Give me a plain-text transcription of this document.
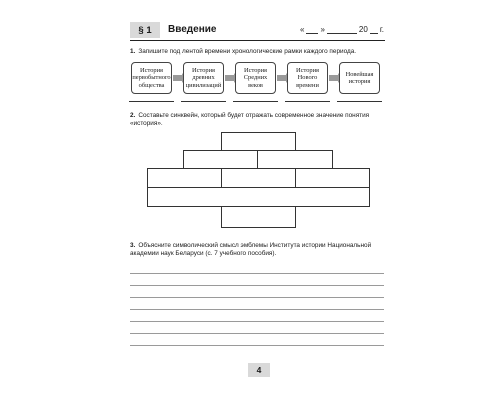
§ 1	Введение	« »	20 г.
1. Запишите под лентой времени хронологические рамки каждого периода.
История первобытного общества
История древних цивилизаций
История Средних веков
История Нового времени
Новейшая история
2. Составьте синквейн, который будет отражать современное значение понятия «история».
3. Объясните символический смысл эмблемы Института истории Национальной академии наук Беларуси (с. 7 учебного пособия).
4
